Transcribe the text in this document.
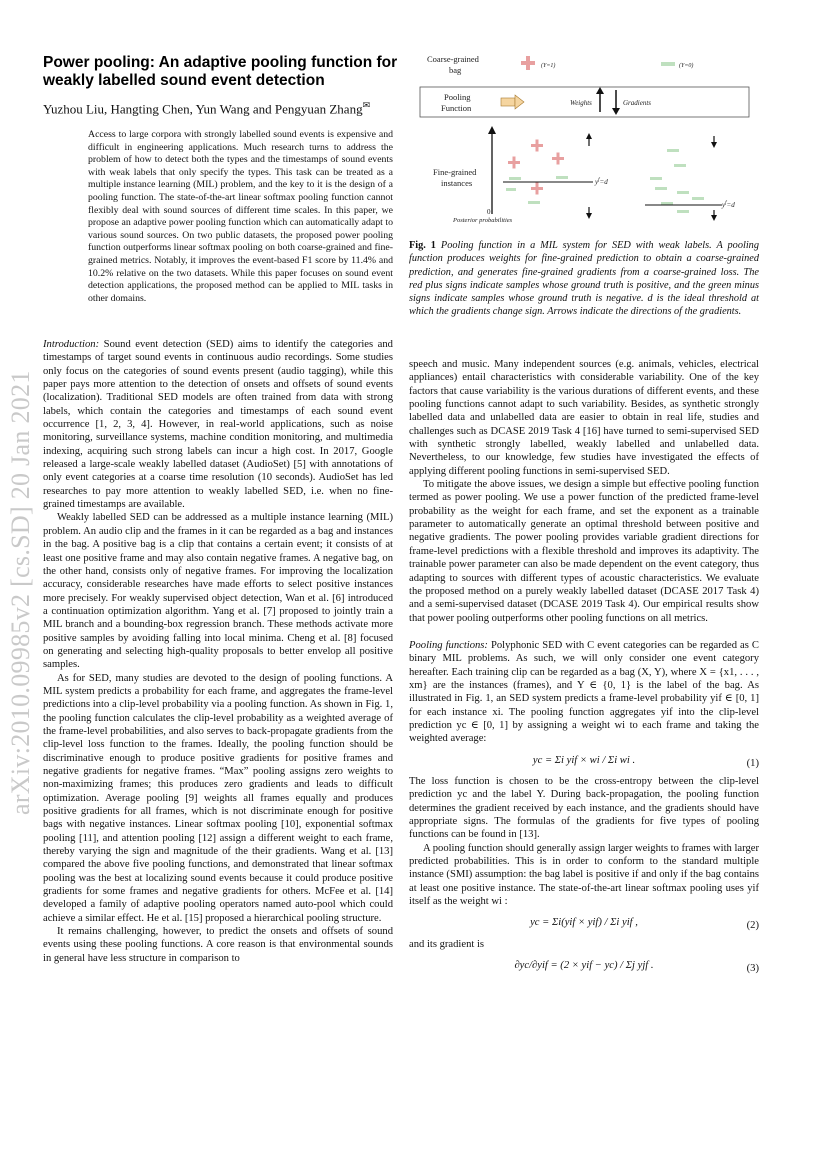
Power pooling: An adaptive pooling function for weakly labelled sound event detection
Yuzhou Liu, Hangting Chen, Yun Wang and Pengyuan Zhang✉
Access to large corpora with strongly labelled sound events is expensive and difficult in engineering applications. Much research turns to address the problem of how to detect both the types and the timestamps of sound events with weak labels that only specify the types. This task can be treated as a multiple instance learning (MIL) problem, and the key to it is the design of a pooling function. The state-of-the-art linear softmax pooling function cannot flexibly deal with sound sources of different time scales. In this paper, we propose an adaptive power pooling function which can automatically adapt to various sound sources. On two public datasets, the proposed power pooling function outperforms linear softmax pooling on both coarse-grained and fine-grained metrics. Notably, it improves the event-based F1 score by 11.4% and 10.2% relative on the two datasets. While this paper focuses on sound event detection applications, the proposed method can be applied to MIL tasks in other domains.
arXiv:2010.09985v2 [cs.SD] 20 Jan 2021
Coarse-grained
bag	(Y=1)	(Y=0)
Pooling
Function	Weights	Gradients
Fine-grained
instances
0
Posterior probabilities
$y^f=d$
$y^f=d$
Fig. 1 Pooling function in a MIL system for SED with weak labels. A pooling function produces weights for fine-grained prediction to obtain a coarse-grained prediction, and generates fine-grained gradients from a coarse-grained loss. The red plus signs indicate samples whose ground truth is positive, and the green minus signs indicate samples whose ground truth is negative. d is the ideal threshold at which the gradients change sign. Arrows indicate the directions of the gradients.

Introduction: Sound event detection (SED) aims to identify the categories and timestamps of target sound events in continuous audio recordings. Some studies only focus on the categories of sound events present (audio tagging), while this paper pays more attention to the detection of onsets and offsets of sound events (localization). Traditional SED models are often trained from data with strong labels, which contain the categories and timestamps of each sound event occurrence [1, 2, 3, 4]. However, in real-world applications, such as noise monitoring, surveillance systems, machine condition monitoring, and multimedia indexing, acquiring such strong labels can incur a high cost. In 2017, Google released a large-scale weakly labelled dataset (AudioSet) [5] with annotations of only event categories at a coarse time resolution (10 seconds). AudioSet has led researches to pay more attention to weakly labelled SED, i.e. when no fine-grained timestamps are available.

Weakly labelled SED can be addressed as a multiple instance learning (MIL) problem. An audio clip and the frames in it can be regarded as a bag and instances in the bag. A positive bag is a clip that contains a certain event; it consists of at least one positive frame and may also contain negative frames. A negative bag, on the other hand, consists only of negative frames. For improving the localization accuracy, considerable researches have made efforts to select positive instances more precisely. For weakly supervised object detection, Wan et al. [6] introduced a continuation optimization algorithm. Yang et al. [7] proposed to jointly train a MIL branch and a bounding-box regression branch. These methods activate more positive samples by avoiding falling into local minima. Cheng et al. [8] focused on generating and selecting high-quality proposals to better envelop all positive samples.

As for SED, many studies are devoted to the design of pooling functions. A MIL system predicts a probability for each frame, and aggregates the frame-level predictions into a clip-level probability via a pooling function. As shown in Fig. 1, the pooling function calculates the clip-level probability as a weighted average of the frame-level probabilities, and also serves to back-propagate gradients from the clip-level loss function to the frames. Ideally, the pooling function should be discriminative enough to produce positive gradients for positive frames and negative gradients for negative frames. “Max” pooling assigns zero weights to non-maximizing frames; this produces zero gradients and leads to difficult optimization. Average pooling [9] weights all frames equally and produces positive gradients for all frames, which is not discriminate enough for positive bags with negative instances. Linear softmax pooling [10], exponential softmax pooling [11], and attention pooling [12] assign a different weight to each frame, thereby varying the sign and magnitude of the their gradients. Wang et al. [13] compared the above five pooling functions, and demonstrated that linear softmax pooling was the best at localizing sound events because it could produce positive gradients for some frames and negative gradients for others. McFee et al. [14] developed a family of adaptive pooling operators named auto-pool which could achieve a similar effect. He et al. [15] proposed a hierarchical pooling structure.

It remains challenging, however, to predict the onsets and offsets of sound events using these pooling functions. A core reason is that environmental sounds in general have less structure in comparison to

speech and music. Many independent sources (e.g. animals, vehicles, electrical appliances) entail characteristics with considerable variability. One of the key factors that cause variability is the various durations of different events, and these pooling functions cannot adapt to such variability. Besides, as synthetic strongly labelled data and unlabelled data are easier to obtain in real life, studies and challenges such as DCASE 2019 Task 4 [16] have turned to semi-supervised SED with synthetic strongly labelled, weakly labelled and unlabelled data. Nevertheless, to our knowledge, few studies have investigated the effects of applying different pooling functions in semi-supervised SED.

To mitigate the above issues, we design a simple but effective pooling function termed as power pooling. We use a power function of the predicted frame-level probability as the weight for each frame, and set the exponent as a trainable parameter to automatically generate an optimal threshold between positive and negative gradients. The power pooling provides variable gradient directions for frame-level predictions with a flexible threshold and improves its adaptivity. The trainable power parameter can also be made dependent on the event category, thus adapting to sources with different types of acoustic characteristics. We evaluate the proposed method on a purely weakly labelled dataset (DCASE 2017 Task 4) and a semi-supervised dataset (DCASE 2019 Task 4). Our empirical results show that power pooling outperforms other pooling functions on all metrics.

Pooling functions: Polyphonic SED with C event categories can be regarded as C binary MIL problems. As such, we will only consider one event category hereafter. Each training clip can be regarded as a bag (X, Y), where X = {x1, . . . , xm} are the instances (frames), and Y ∈ {0, 1} is the label of the bag. As illustrated in Fig. 1, an SED system predicts a frame-level probability yif ∈ [0, 1] for each instance xi. The pooling function aggregates yif into the clip-level prediction yc ∈ [0, 1] by assigning a weight wi to each frame and taking the weighted average:

yc = Σi yif × wi / Σi wi .	(1)

The loss function is chosen to be the cross-entropy between the clip-level prediction yc and the label Y. During back-propagation, the pooling function determines the gradient received by each instance, and the gradients should have appropriate signs. The formulas of the gradients for five types of pooling functions can be found in [13].

A pooling function should generally assign larger weights to frames with larger predicted probabilities. This is in order to conform to the standard multiple instance (SMI) assumption: the bag label is positive if and only if the bag contains at least one positive instance. The state-of-the-art linear softmax pooling uses yif itself as the weight wi :

yc = Σi(yif × yif) / Σi yif ,	(2)

and its gradient is

∂yc/∂yif = (2 × yif − yc) / Σj yjf .	(3)
